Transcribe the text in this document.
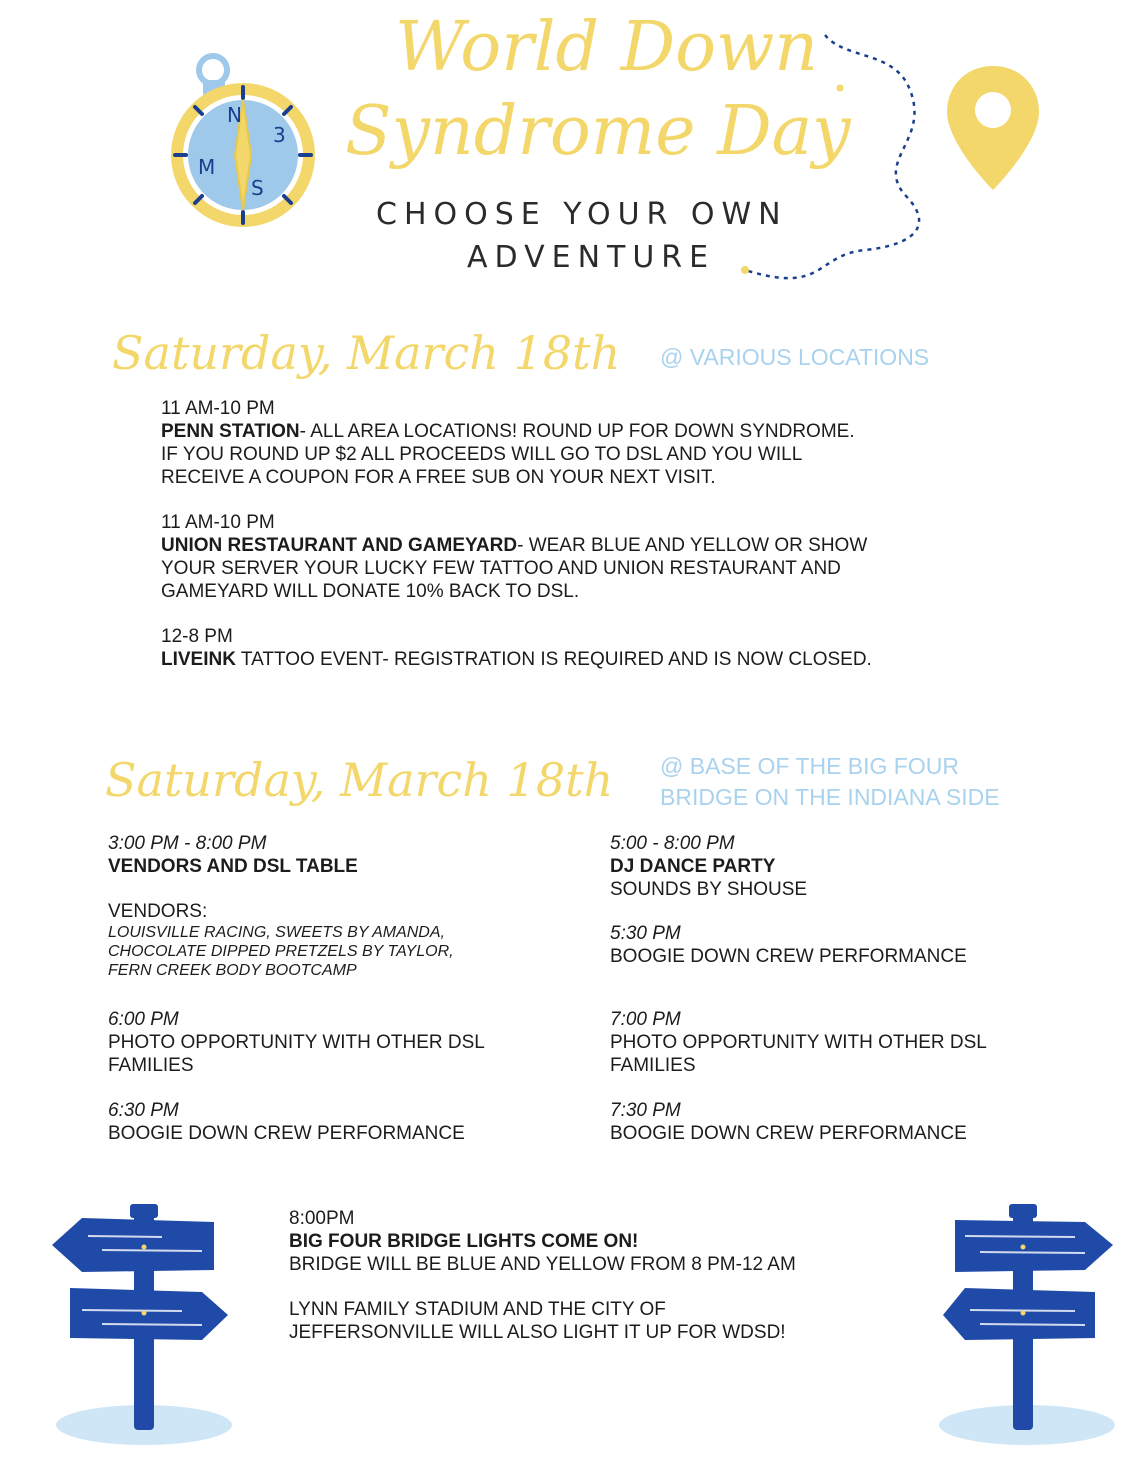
N
3
S
M
World Down
Syndrome Day
CHOOSE YOUR OWN
ADVENTURE
Saturday, March 18th @ VARIOUS LOCATIONS
11 AM-10 PM
PENN STATION- ALL AREA LOCATIONS! ROUND UP FOR DOWN SYNDROME.
IF YOU ROUND UP $2 ALL PROCEEDS WILL GO TO DSL AND YOU WILL
RECEIVE A COUPON FOR A FREE SUB ON YOUR NEXT VISIT.
11 AM-10 PM
UNION RESTAURANT AND GAMEYARD- WEAR BLUE AND YELLOW OR SHOW
YOUR SERVER YOUR LUCKY FEW TATTOO AND UNION RESTAURANT AND
GAMEYARD WILL DONATE 10% BACK TO DSL.
12-8 PM
LIVEINK TATTOO EVENT- REGISTRATION IS REQUIRED AND IS NOW CLOSED.
Saturday, March 18th @ BASE OF THE BIG FOUR
BRIDGE ON THE INDIANA SIDE
3:00 PM - 8:00 PM
VENDORS AND DSL TABLE
VENDORS:
LOUISVILLE RACING, SWEETS BY AMANDA,
CHOCOLATE DIPPED PRETZELS BY TAYLOR,
FERN CREEK BODY BOOTCAMP
6:00 PM
PHOTO OPPORTUNITY WITH OTHER DSL
FAMILIES
6:30 PM
BOOGIE DOWN CREW PERFORMANCE
5:00 - 8:00 PM
DJ DANCE PARTY
SOUNDS BY SHOUSE
5:30 PM
BOOGIE DOWN CREW PERFORMANCE
7:00 PM
PHOTO OPPORTUNITY WITH OTHER DSL
FAMILIES
7:30 PM
BOOGIE DOWN CREW PERFORMANCE
8:00PM
BIG FOUR BRIDGE LIGHTS COME ON!
BRIDGE WILL BE BLUE AND YELLOW FROM 8 PM-12 AM
LYNN FAMILY STADIUM AND THE CITY OF
JEFFERSONVILLE WILL ALSO LIGHT IT UP FOR WDSD!
